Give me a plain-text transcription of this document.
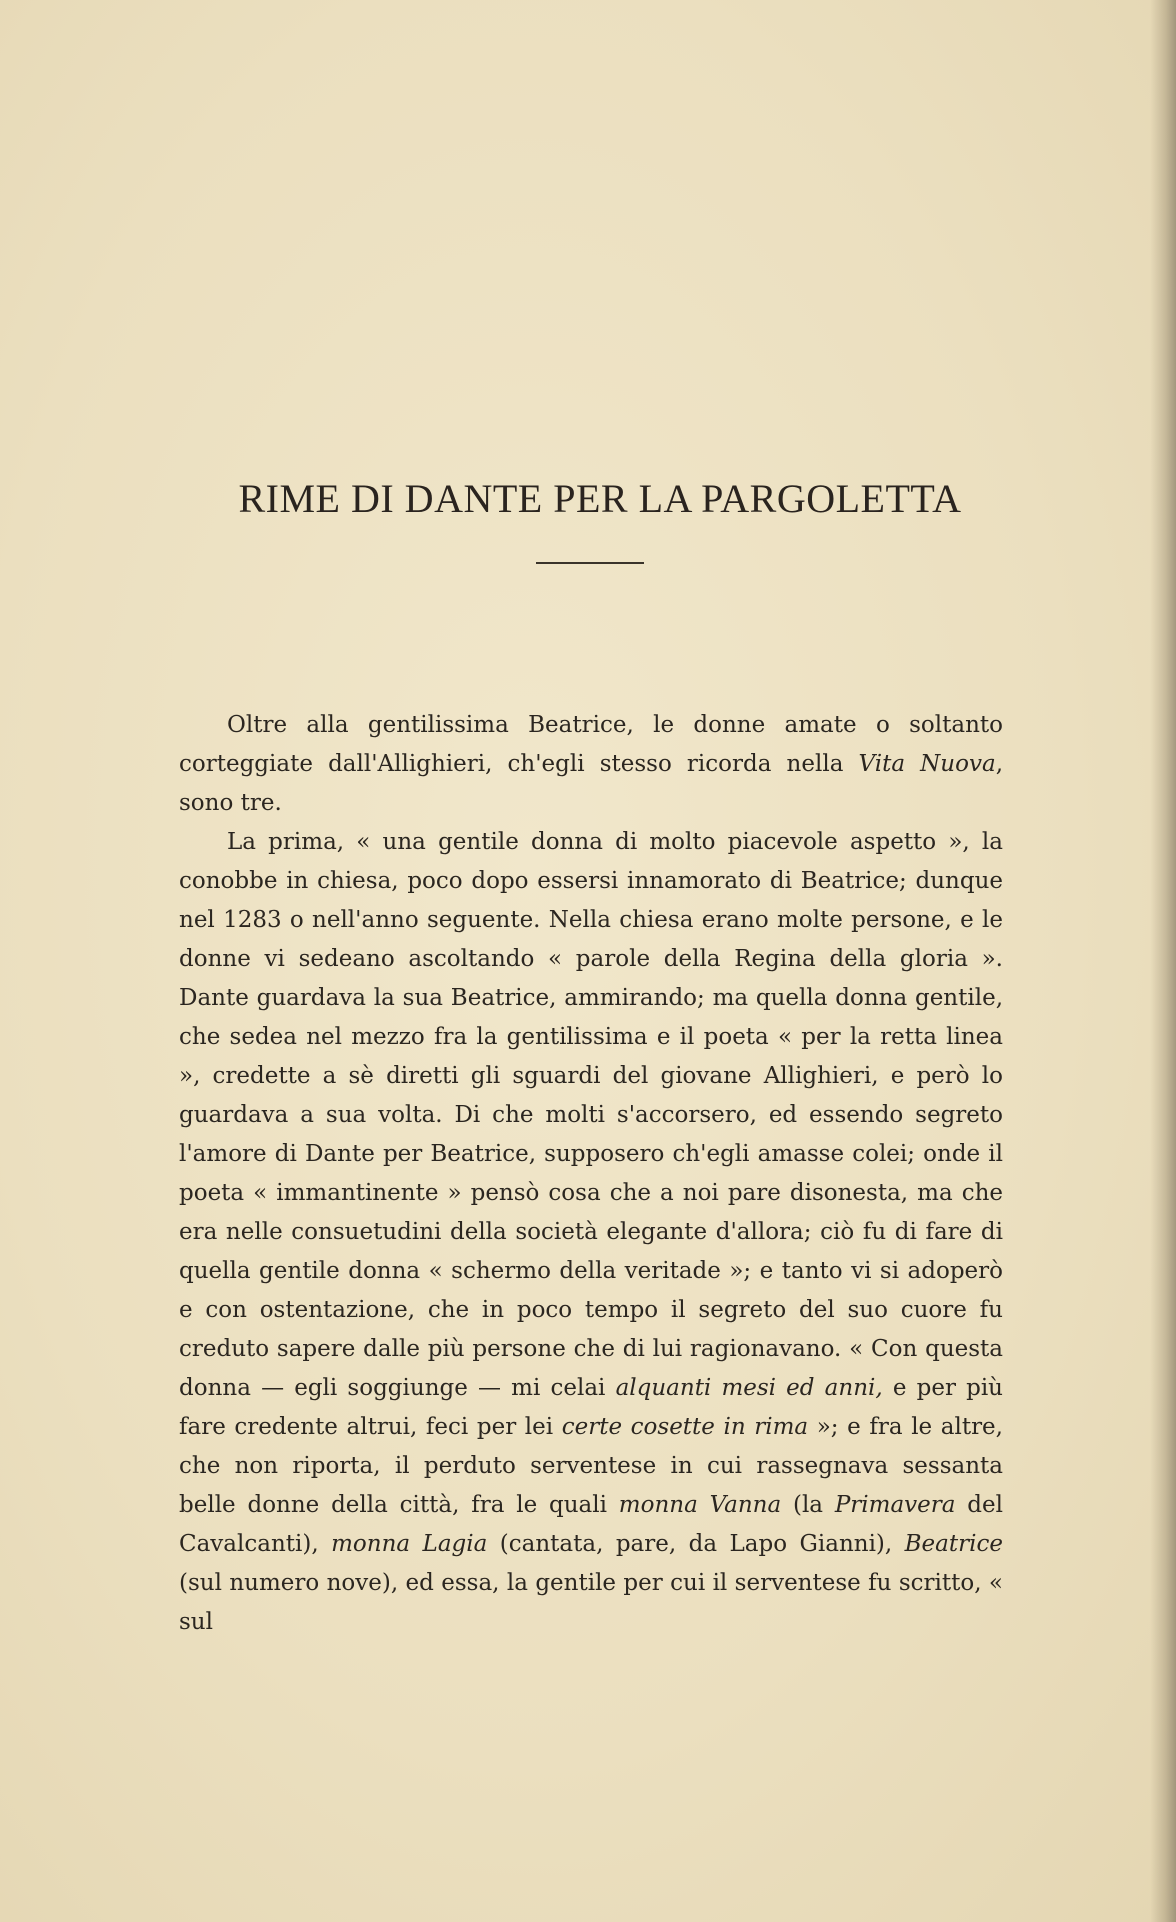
RIME DI DANTE PER LA PARGOLETTA

Oltre alla gentilissima Beatrice, le donne amate o soltanto corteggiate dall'Allighieri, ch'egli stesso ricorda nella Vita Nuova, sono tre.

La prima, « una gentile donna di molto piacevole aspetto », la conobbe in chiesa, poco dopo essersi innamorato di Beatrice; dunque nel 1283 o nell'anno seguente. Nella chiesa erano molte persone, e le donne vi sedeano ascoltando « parole della Regina della gloria ». Dante guardava la sua Beatrice, ammirando; ma quella donna gentile, che sedea nel mezzo fra la gentilissima e il poeta « per la retta linea », credette a sè diretti gli sguardi del giovane Allighieri, e però lo guardava a sua volta. Di che molti s'accorsero, ed essendo segreto l'amore di Dante per Beatrice, supposero ch'egli amasse colei; onde il poeta « immantinente » pensò cosa che a noi pare disonesta, ma che era nelle consuetudini della società elegante d'allora; ciò fu di fare di quella gentile donna « schermo della veritade »; e tanto vi si adoperò e con ostentazione, che in poco tempo il segreto del suo cuore fu creduto sapere dalle più persone che di lui ragionavano. « Con questa donna — egli soggiunge — mi celai alquanti mesi ed anni, e per più fare credente altrui, feci per lei certe cosette in rima »; e fra le altre, che non riporta, il perduto serventese in cui rassegnava sessanta belle donne della città, fra le quali monna Vanna (la Primavera del Cavalcanti), monna Lagia (cantata, pare, da Lapo Gianni), Beatrice (sul numero nove), ed essa, la gentile per cui il serventese fu scritto, « sul
